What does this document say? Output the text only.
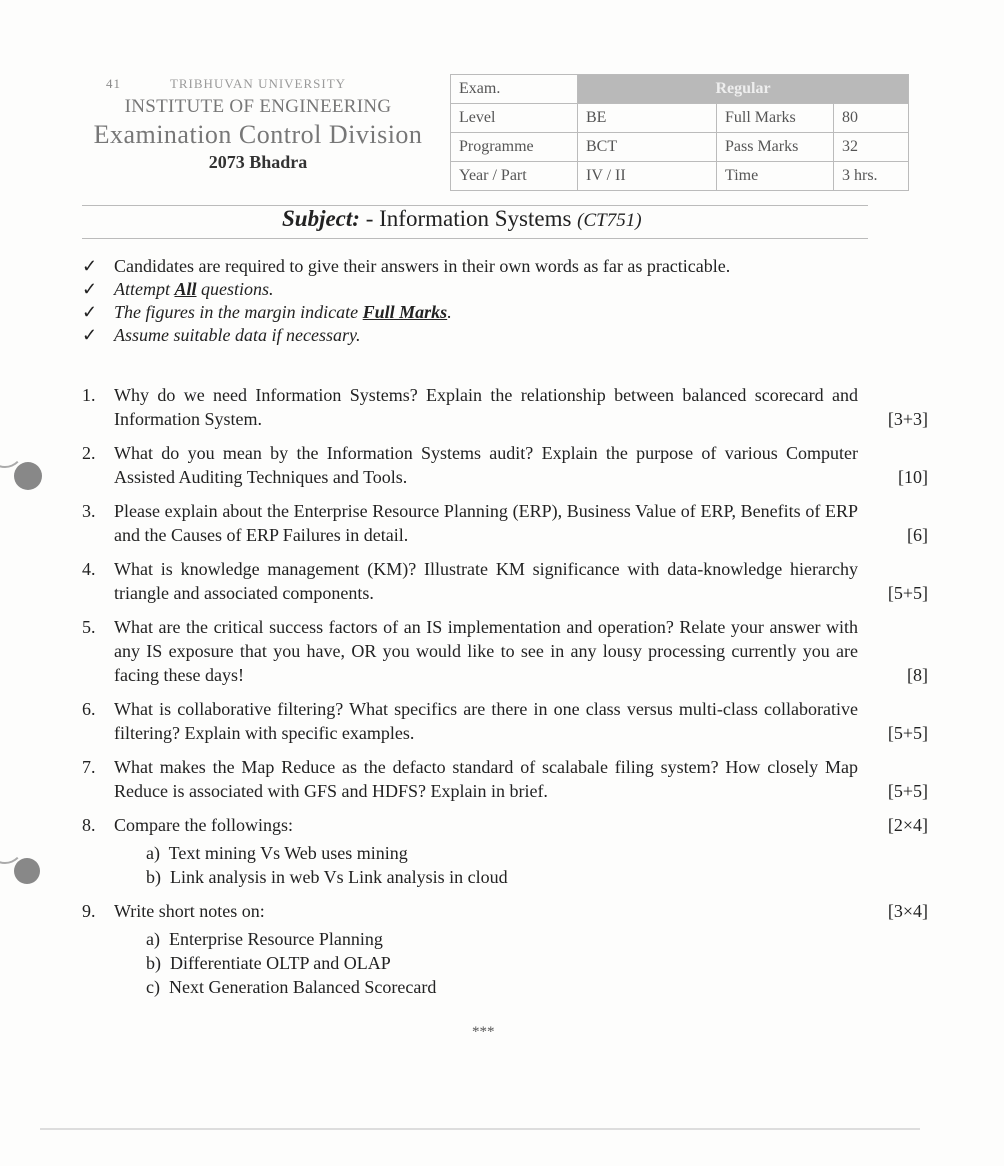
41	TRIBHUVAN UNIVERSITY
INSTITUTE OF ENGINEERING
Examination Control Division
2073 Bhadra
Exam.	Regular		
Level	BE	Full Marks	80
Programme	BCT	Pass Marks	32
Year / Part	IV / II	Time	3 hrs.
Subject: - Information Systems (CT751)
✓ Candidates are required to give their answers in their own words as far as practicable.
✓ Attempt All questions.
✓ The figures in the margin indicate Full Marks.
✓ Assume suitable data if necessary.
1. Why do we need Information Systems? Explain the relationship between balanced scorecard and Information System.	[3+3]
2. What do you mean by the Information Systems audit? Explain the purpose of various Computer Assisted Auditing Techniques and Tools.	[10]
3. Please explain about the Enterprise Resource Planning (ERP), Business Value of ERP, Benefits of ERP and the Causes of ERP Failures in detail.	[6]
4. What is knowledge management (KM)? Illustrate KM significance with data-knowledge hierarchy triangle and associated components.	[5+5]
5. What are the critical success factors of an IS implementation and operation? Relate your answer with any IS exposure that you have, OR you would like to see in any lousy processing currently you are facing these days!	[8]
6. What is collaborative filtering? What specifics are there in one class versus multi-class collaborative filtering? Explain with specific examples.	[5+5]
7. What makes the Map Reduce as the defacto standard of scalabale filing system? How closely Map Reduce is associated with GFS and HDFS? Explain in brief.	[5+5]
8. Compare the followings:	[2×4]
a)  Text mining Vs Web uses mining
b)  Link analysis in web Vs Link analysis in cloud
9. Write short notes on:	[3×4]
a)  Enterprise Resource Planning
b)  Differentiate OLTP and OLAP
c)  Next Generation Balanced Scorecard
***
